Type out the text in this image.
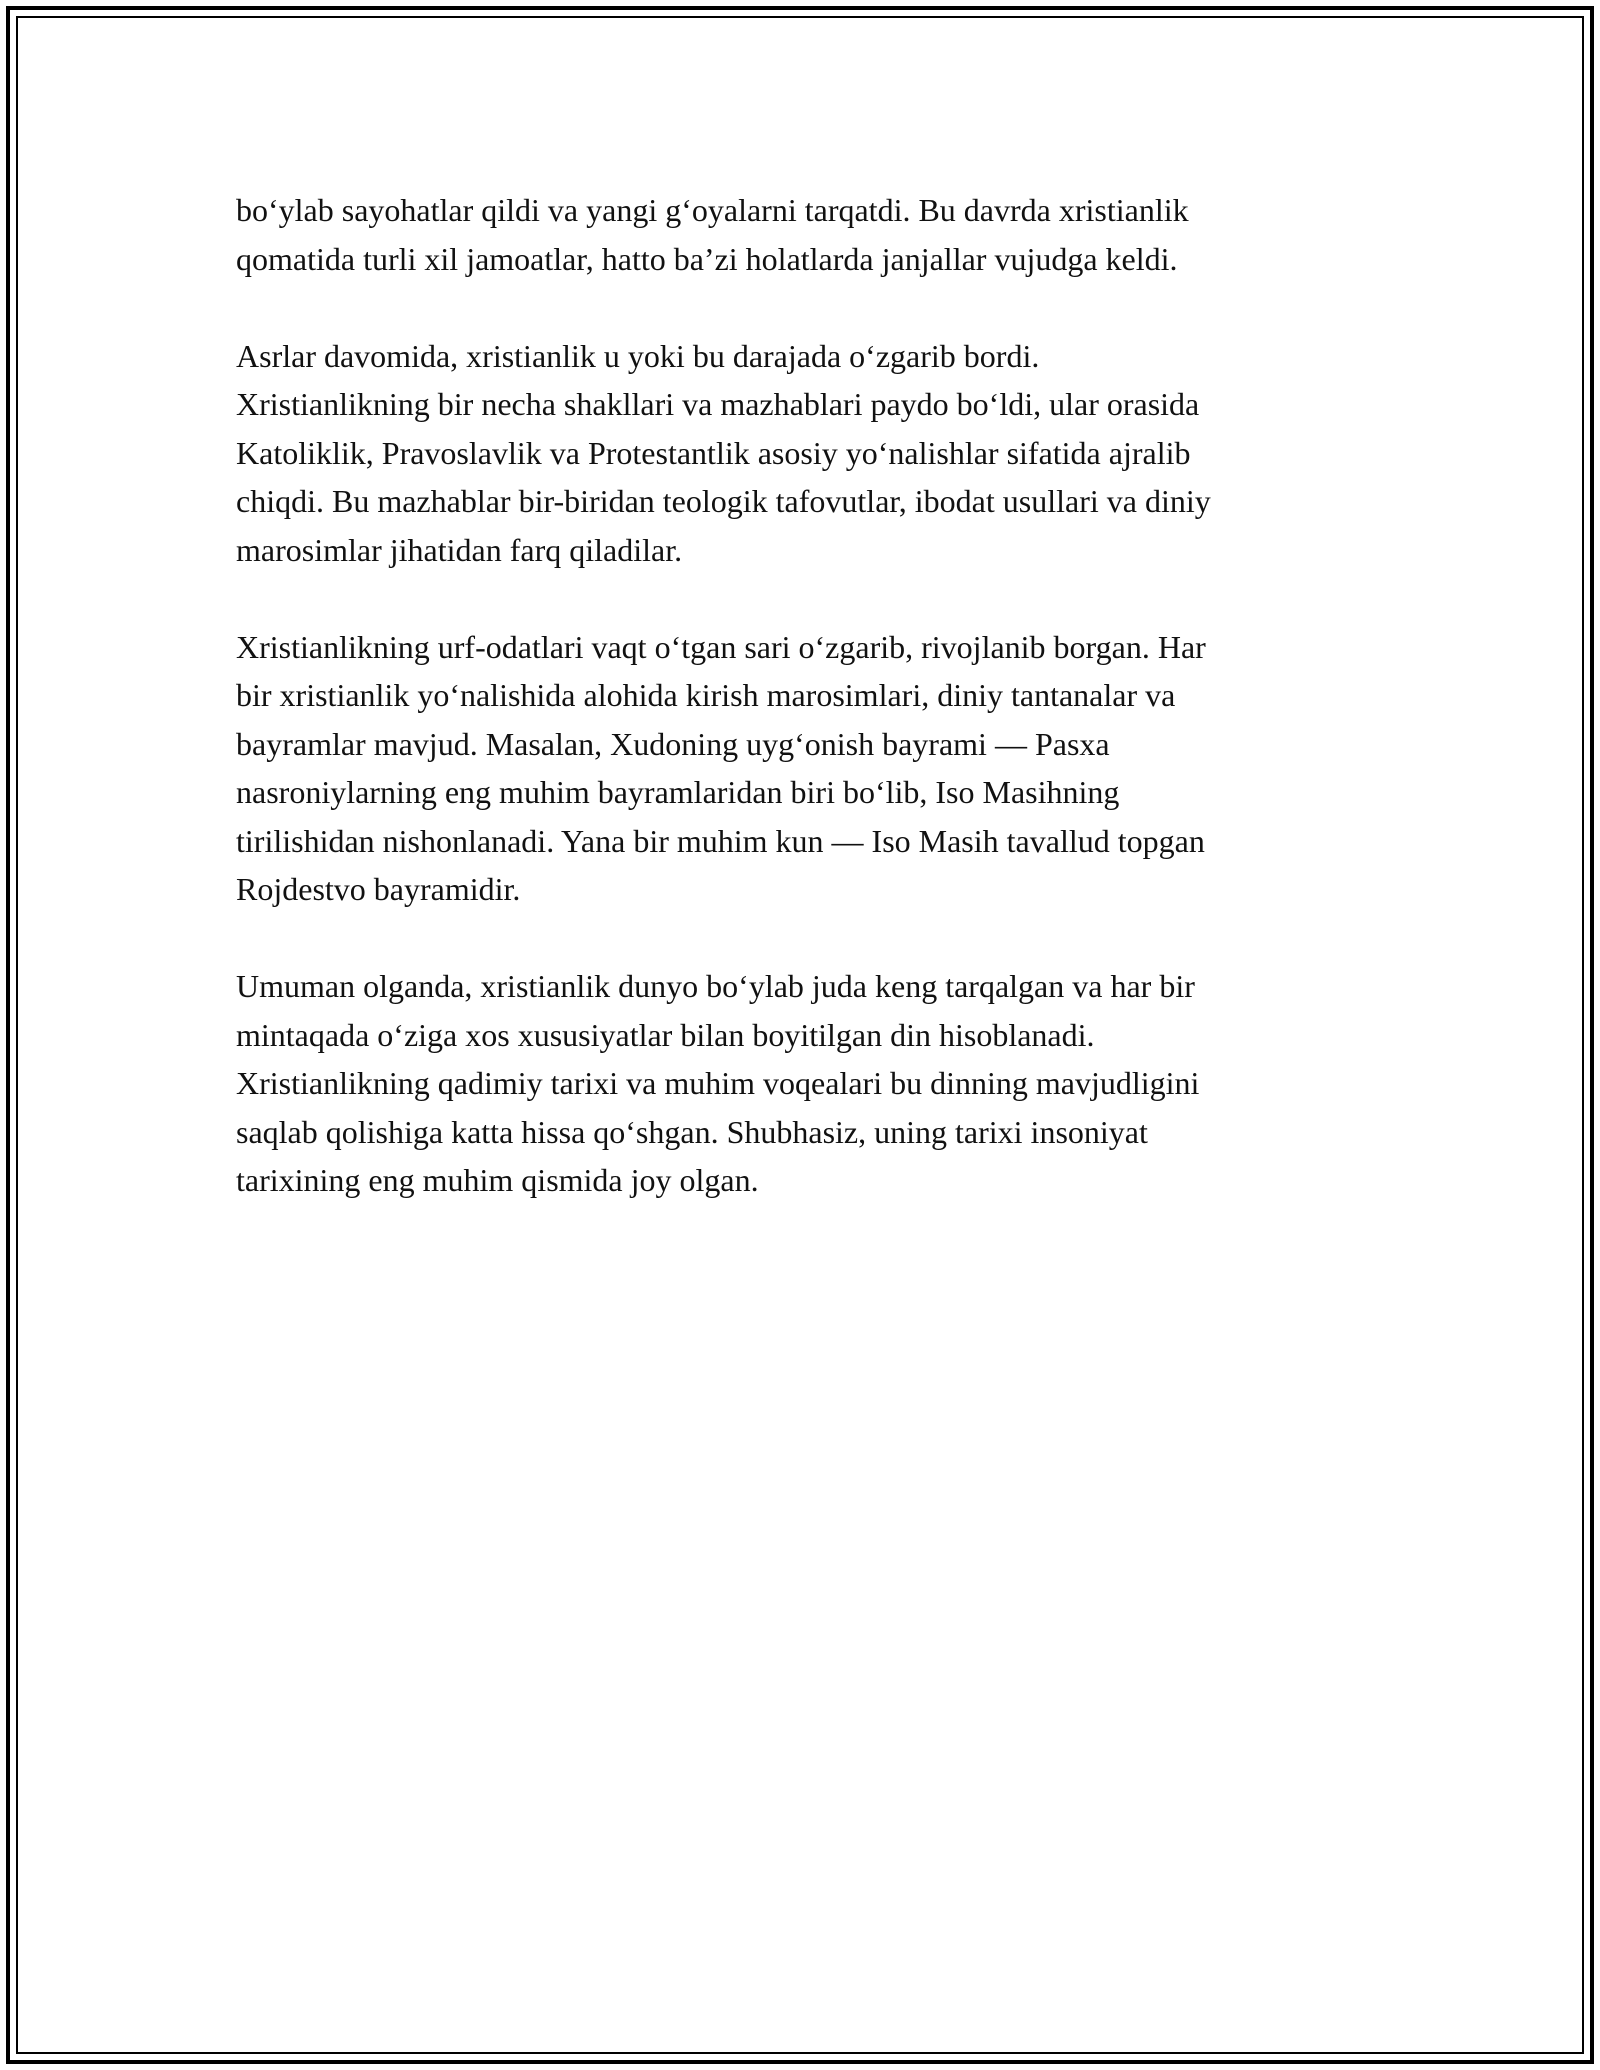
bo‘ylab sayohatlar qildi va yangi g‘oyalarni tarqatdi. Bu davrda xristianlik
qomatida turli xil jamoatlar, hatto ba’zi holatlarda janjallar vujudga keldi.

Asrlar davomida, xristianlik u yoki bu darajada o‘zgarib bordi.
Xristianlikning bir necha shakllari va mazhablari paydo bo‘ldi, ular orasida
Katoliklik, Pravoslavlik va Protestantlik asosiy yo‘nalishlar sifatida ajralib
chiqdi. Bu mazhablar bir-biridan teologik tafovutlar, ibodat usullari va diniy
marosimlar jihatidan farq qiladilar.

Xristianlikning urf-odatlari vaqt o‘tgan sari o‘zgarib, rivojlanib borgan. Har
bir xristianlik yo‘nalishida alohida kirish marosimlari, diniy tantanalar va
bayramlar mavjud. Masalan, Xudoning uyg‘onish bayrami — Pasxa
nasroniylarning eng muhim bayramlaridan biri bo‘lib, Iso Masihning
tirilishidan nishonlanadi. Yana bir muhim kun — Iso Masih tavallud topgan
Rojdestvo bayramidir.

Umuman olganda, xristianlik dunyo bo‘ylab juda keng tarqalgan va har bir
mintaqada o‘ziga xos xususiyatlar bilan boyitilgan din hisoblanadi.
Xristianlikning qadimiy tarixi va muhim voqealari bu dinning mavjudligini
saqlab qolishiga katta hissa qo‘shgan. Shubhasiz, uning tarixi insoniyat
tarixining eng muhim qismida joy olgan.
